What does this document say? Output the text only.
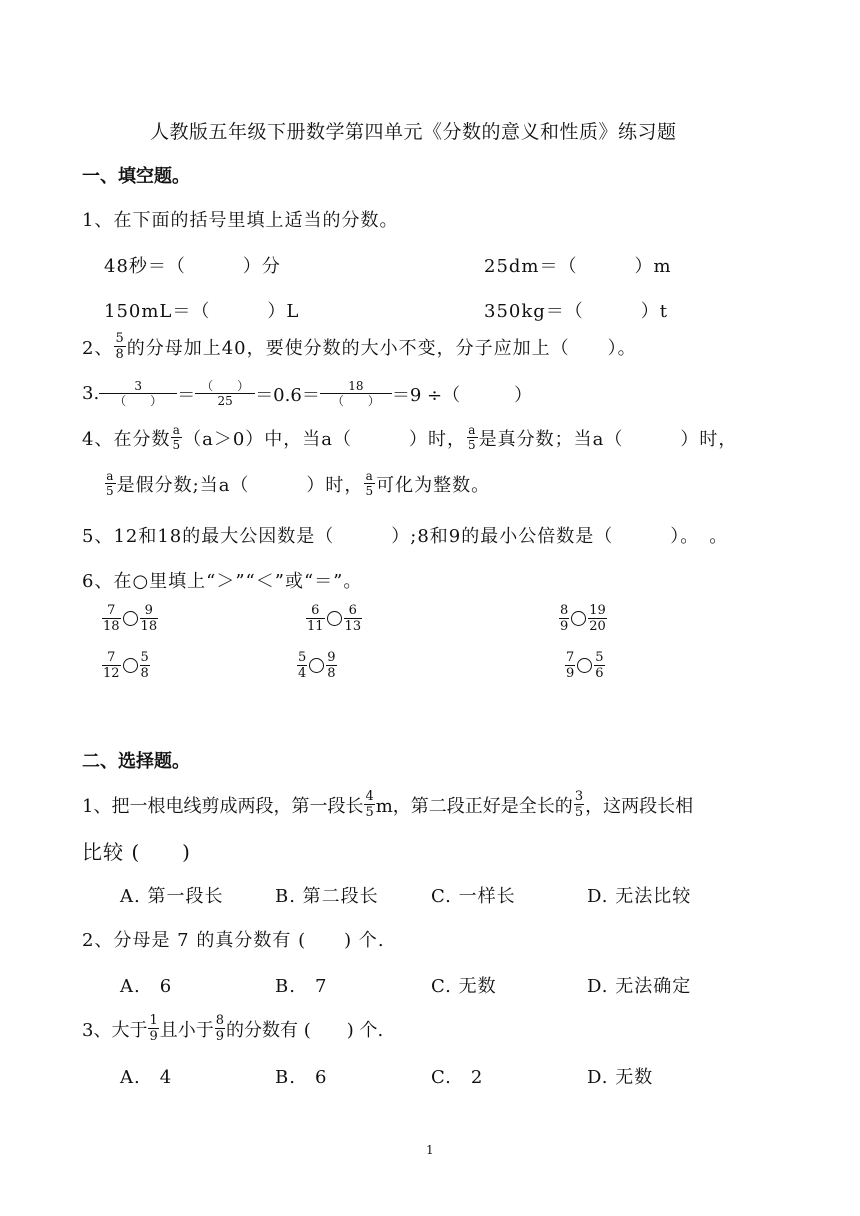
人教版五年级下册数学第四单元《分数的意义和性质》练习题
一、填空题。
1、在下面的括号里填上适当的分数。
48秒＝（　　　）分	25dm＝（　　　）m
150mL＝（　　　）L	350kg＝（　　　）t
2、 $\frac{5}{8}$ 的分母加上40，要使分数的大小不变，分子应加上（　　）。
3. $\frac{3}{( )} = \frac{( )}{25} =0.6= \frac{18}{( )} =9$ ÷（　　　）
4、在分数 $\frac{a}{5} (a>0)$中，当a（　　　）时， $\frac{a}{5}$ 是真分数；当a（　　　）时，
$\frac{a}{5}$ 是假分数;当a（　　　）时， $\frac{a}{5}$ 可化为整数。
5、12和18的最大公因数是（　　　）;8和9的最小公倍数是（　　　）。　。
6、在○里填上“＞”“＜”或“＝”。
$\frac{7}{18} \frac{9}{18}$	$\frac{6}{11} \frac{6}{13}$	$\frac{8}{9} \frac{19}{20}$
$\frac{7}{12} \frac{5}{8}$	$\frac{5}{4} \frac{9}{8}$	$\frac{7}{9} \frac{5}{6}$
二、选择题。
1、把一根电线剪成两段，第一段长 $\frac{4}{5}$ m，第二段正好是全长的 $\frac{3}{5}$ ，这两段长相
比较 (　　)
A. 第一段长	B. 第二段长	C. 一样长	D. 无法比较
2、分母是 7 的真分数有 (　　) 个.
A.　6	B.　7	C. 无数	D. 无法确定
3、大于 $\frac{1}{9}$ 且小于 $\frac{8}{9}$ 的分数有 (　　) 个.
A.　4	B.　6	C.　2	D. 无数
1
